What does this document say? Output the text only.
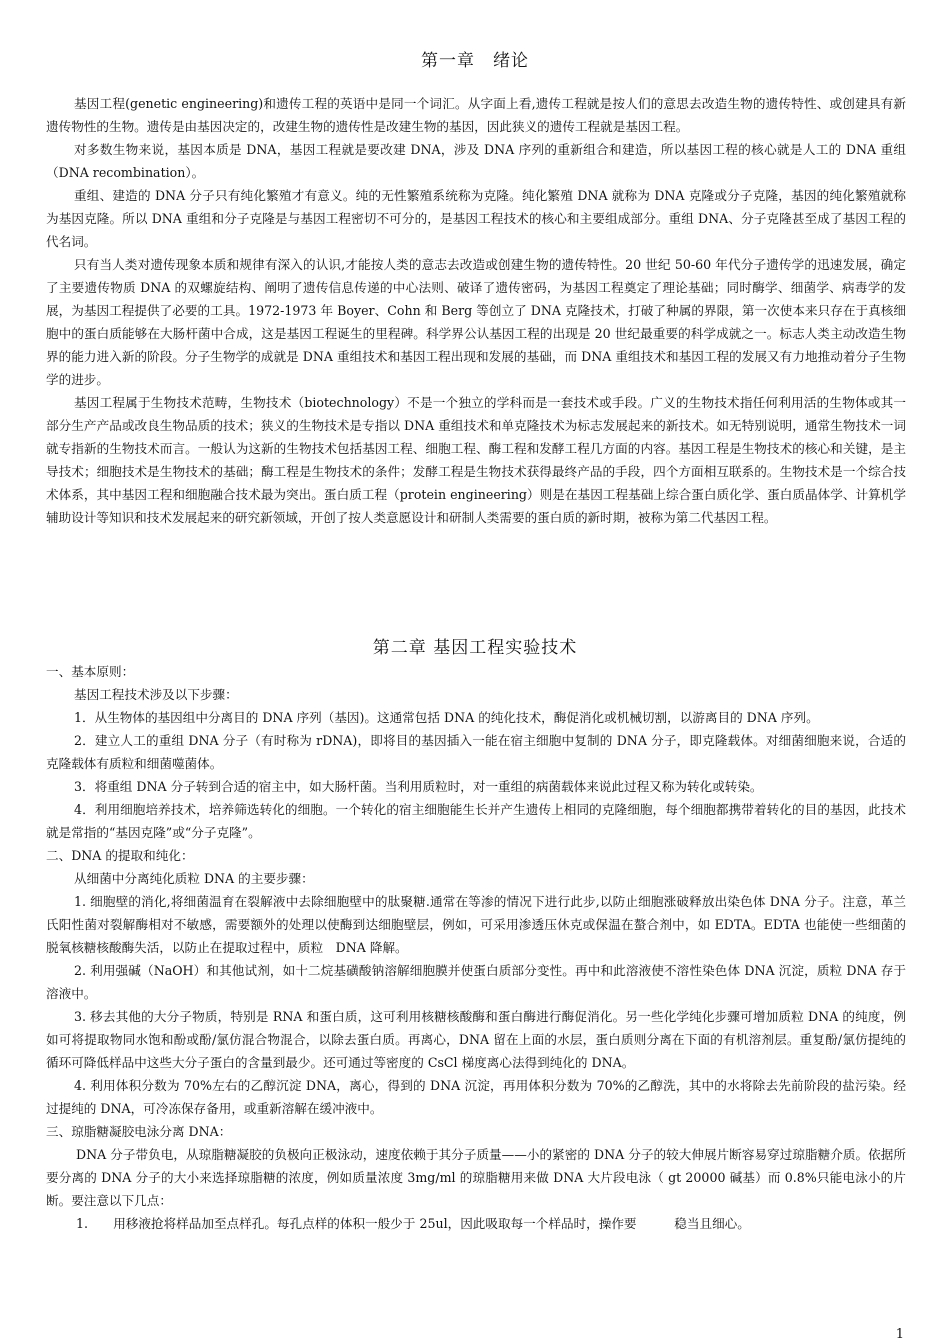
第一章　绪论

基因工程(genetic engineering)和遗传工程的英语中是同一个词汇。从字面上看,遗传工程就是按人们的意思去改造生物的遗传特性、或创建具有新遗传物性的生物。遗传是由基因决定的，改建生物的遗传性是改建生物的基因，因此狭义的遗传工程就是基因工程。

对多数生物来说，基因本质是 DNA，基因工程就是要改建 DNA，涉及 DNA 序列的重新组合和建造，所以基因工程的核心就是人工的 DNA 重组（DNA recombination）。

重组、建造的 DNA 分子只有纯化繁殖才有意义。纯的无性繁殖系统称为克隆。纯化繁殖 DNA 就称为 DNA 克隆或分子克隆，基因的纯化繁殖就称为基因克隆。所以 DNA 重组和分子克隆是与基因工程密切不可分的，是基因工程技术的核心和主要组成部分。重组 DNA、分子克隆甚至成了基因工程的代名词。

只有当人类对遗传现象本质和规律有深入的认识,才能按人类的意志去改造或创建生物的遗传特性。20 世纪 50-60 年代分子遗传学的迅速发展，确定了主要遗传物质 DNA 的双螺旋结构、阐明了遗传信息传递的中心法则、破译了遗传密码，为基因工程奠定了理论基础；同时酶学、细菌学、病毒学的发展，为基因工程提供了必要的工具。1972-1973 年 Boyer、Cohn 和 Berg 等创立了 DNA 克隆技术，打破了种属的界限，第一次使本来只存在于真核细胞中的蛋白质能够在大肠杆菌中合成，这是基因工程诞生的里程碑。科学界公认基因工程的出现是 20 世纪最重要的科学成就之一。标志人类主动改造生物界的能力进入新的阶段。分子生物学的成就是 DNA 重组技术和基因工程出现和发展的基础，而 DNA 重组技术和基因工程的发展又有力地推动着分子生物学的进步。

基因工程属于生物技术范畴，生物技术（biotechnology）不是一个独立的学科而是一套技术或手段。广义的生物技术指任何利用活的生物体或其一部分生产产品或改良生物品质的技术；狭义的生物技术是专指以 DNA 重组技术和单克隆技术为标志发展起来的新技术。如无特别说明，通常生物技术一词就专指新的生物技术而言。一般认为这新的生物技术包括基因工程、细胞工程、酶工程和发酵工程几方面的内容。基因工程是生物技术的核心和关键，是主导技术；细胞技术是生物技术的基础；酶工程是生物技术的条件；发酵工程是生物技术获得最终产品的手段，四个方面相互联系的。生物技术是一个综合技术体系，其中基因工程和细胞融合技术最为突出。蛋白质工程（protein engineering）则是在基因工程基础上综合蛋白质化学、蛋白质晶体学、计算机学辅助设计等知识和技术发展起来的研究新领域，开创了按人类意愿设计和研制人类需要的蛋白质的新时期，被称为第二代基因工程。

第二章 基因工程实验技术

一、基本原则：

基因工程技术涉及以下步骤：

1．从生物体的基因组中分离目的 DNA 序列（基因)。这通常包括 DNA 的纯化技术，酶促消化或机械切割，以游离目的 DNA 序列。

2．建立人工的重组 DNA 分子（有时称为 rDNA)，即将目的基因插入一能在宿主细胞中复制的 DNA 分子，即克隆载体。对细菌细胞来说，合适的克隆载体有质粒和细菌噬菌体。

3．将重组 DNA 分子转到合适的宿主中，如大肠杆菌。当利用质粒时，对一重组的病菌载体来说此过程又称为转化或转染。

4．利用细胞培养技术，培养筛选转化的细胞。一个转化的宿主细胞能生长并产生遗传上相同的克隆细胞，每个细胞都携带着转化的目的基因，此技术就是常指的“基因克隆”或“分子克隆”。

二、DNA 的提取和纯化：

从细菌中分离纯化质粒 DNA 的主要步骤：

1. 细胞壁的消化,将细菌温育在裂解液中去除细胞壁中的肽聚糖.通常在等渗的情况下进行此步,以防止细胞涨破释放出染色体 DNA 分子。注意，革兰氏阳性菌对裂解酶相对不敏感，需要额外的处理以使酶到达细胞壁层，例如，可采用渗透压休克或保温在螯合剂中，如 EDTA。EDTA 也能使一些细菌的脱氧核糖核酸酶失活，以防止在提取过程中，质粒　DNA 降解。

2. 利用强碱（NaOH）和其他试剂，如十二烷基磺酸钠溶解细胞膜并使蛋白质部分变性。再中和此溶液使不溶性染色体 DNA 沉淀，质粒 DNA 存于溶液中。

3. 移去其他的大分子物质，特别是 RNA 和蛋白质，这可利用核糖核酸酶和蛋白酶进行酶促消化。另一些化学纯化步骤可增加质粒 DNA 的纯度，例如可将提取物同水饱和酚或酚/氯仿混合物混合，以除去蛋白质。再离心，DNA 留在上面的水层，蛋白质则分离在下面的有机溶剂层。重复酚/氯仿提纯的循环可降低样品中这些大分子蛋白的含量到最少。还可通过等密度的 CsCl 梯度离心法得到纯化的 DNA。

4. 利用体积分数为 70%左右的乙醇沉淀 DNA，离心，得到的 DNA 沉淀，再用体积分数为 70%的乙醇洗，其中的水将除去先前阶段的盐污染。经过提纯的 DNA，可冷冻保存备用，或重新溶解在缓冲液中。

三、琼脂糖凝胶电泳分离 DNA：

DNA 分子带负电，从琼脂糖凝胶的负极向正极泳动，速度依赖于其分子质量——小的紧密的 DNA 分子的较大伸展片断容易穿过琼脂糖介质。依据所要分离的 DNA 分子的大小来选择琼脂糖的浓度，例如质量浓度 3mg/ml 的琼脂糖用来做 DNA 大片段电泳（ gt 20000 碱基）而 0.8%只能电泳小的片断。要注意以下几点：

1.　　用移液抢将样品加至点样孔。每孔点样的体积一般少于 25ul，因此吸取每一个样品时，操作要　　　稳当且细心。

1
